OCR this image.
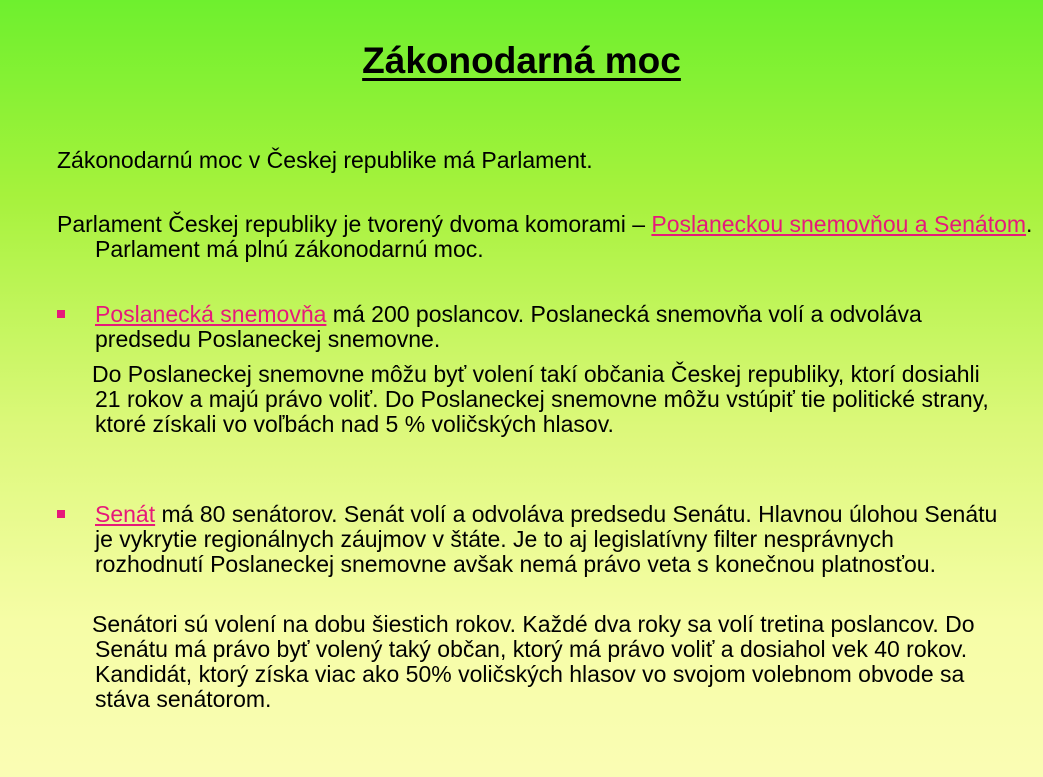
Zákonodarná moc

Zákonodarnú moc v Českej republike má Parlament.

Parlament Českej republiky je tvorený dvoma komorami – Poslaneckou snemovňou a Senátom. Parlament má plnú zákonodarnú moc.

Poslanecká snemovňa má 200 poslancov. Poslanecká snemovňa volí a odvoláva predsedu Poslaneckej snemovne.

Do Poslaneckej snemovne môžu byť volení takí občania Českej republiky, ktorí dosiahli 21 rokov a majú právo voliť. Do Poslaneckej snemovne môžu vstúpiť tie politické strany, ktoré získali vo voľbách nad 5 % voličských hlasov.

Senát má 80 senátorov. Senát volí a odvoláva predsedu Senátu. Hlavnou úlohou Senátu je vykrytie regionálnych záujmov v štáte. Je to aj legislatívny filter nesprávnych rozhodnutí Poslaneckej snemovne avšak nemá právo veta s konečnou platnosťou.

Senátori sú volení na dobu šiestich rokov. Každé dva roky sa volí tretina poslancov. Do Senátu má právo byť volený taký občan, ktorý má právo voliť a dosiahol vek 40 rokov. Kandidát, ktorý získa viac ako 50% voličských hlasov vo svojom volebnom obvode sa stáva senátorom.
